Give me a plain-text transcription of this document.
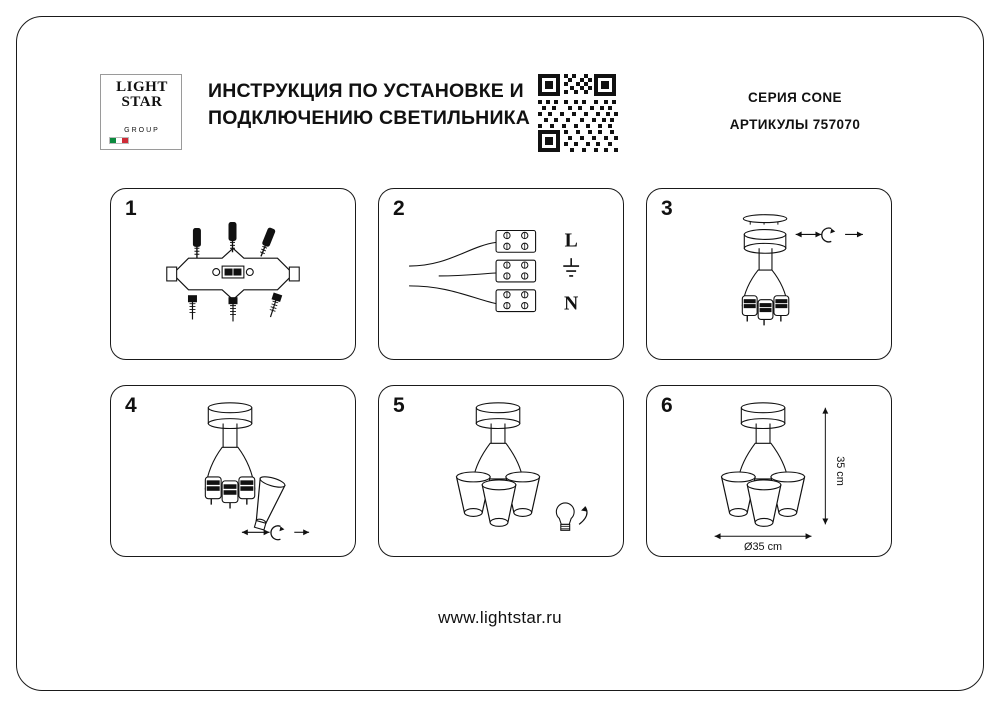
LIGHT
STAR
GROUP
ИНСТРУКЦИЯ ПО УСТАНОВКЕ И
ПОДКЛЮЧЕНИЮ СВЕТИЛЬНИКА
СЕРИЯ CONE
АРТИКУЛЫ 757070
1	2
L
N
3
4	5	6
35 cm
Ø35 cm
www.lightstar.ru
